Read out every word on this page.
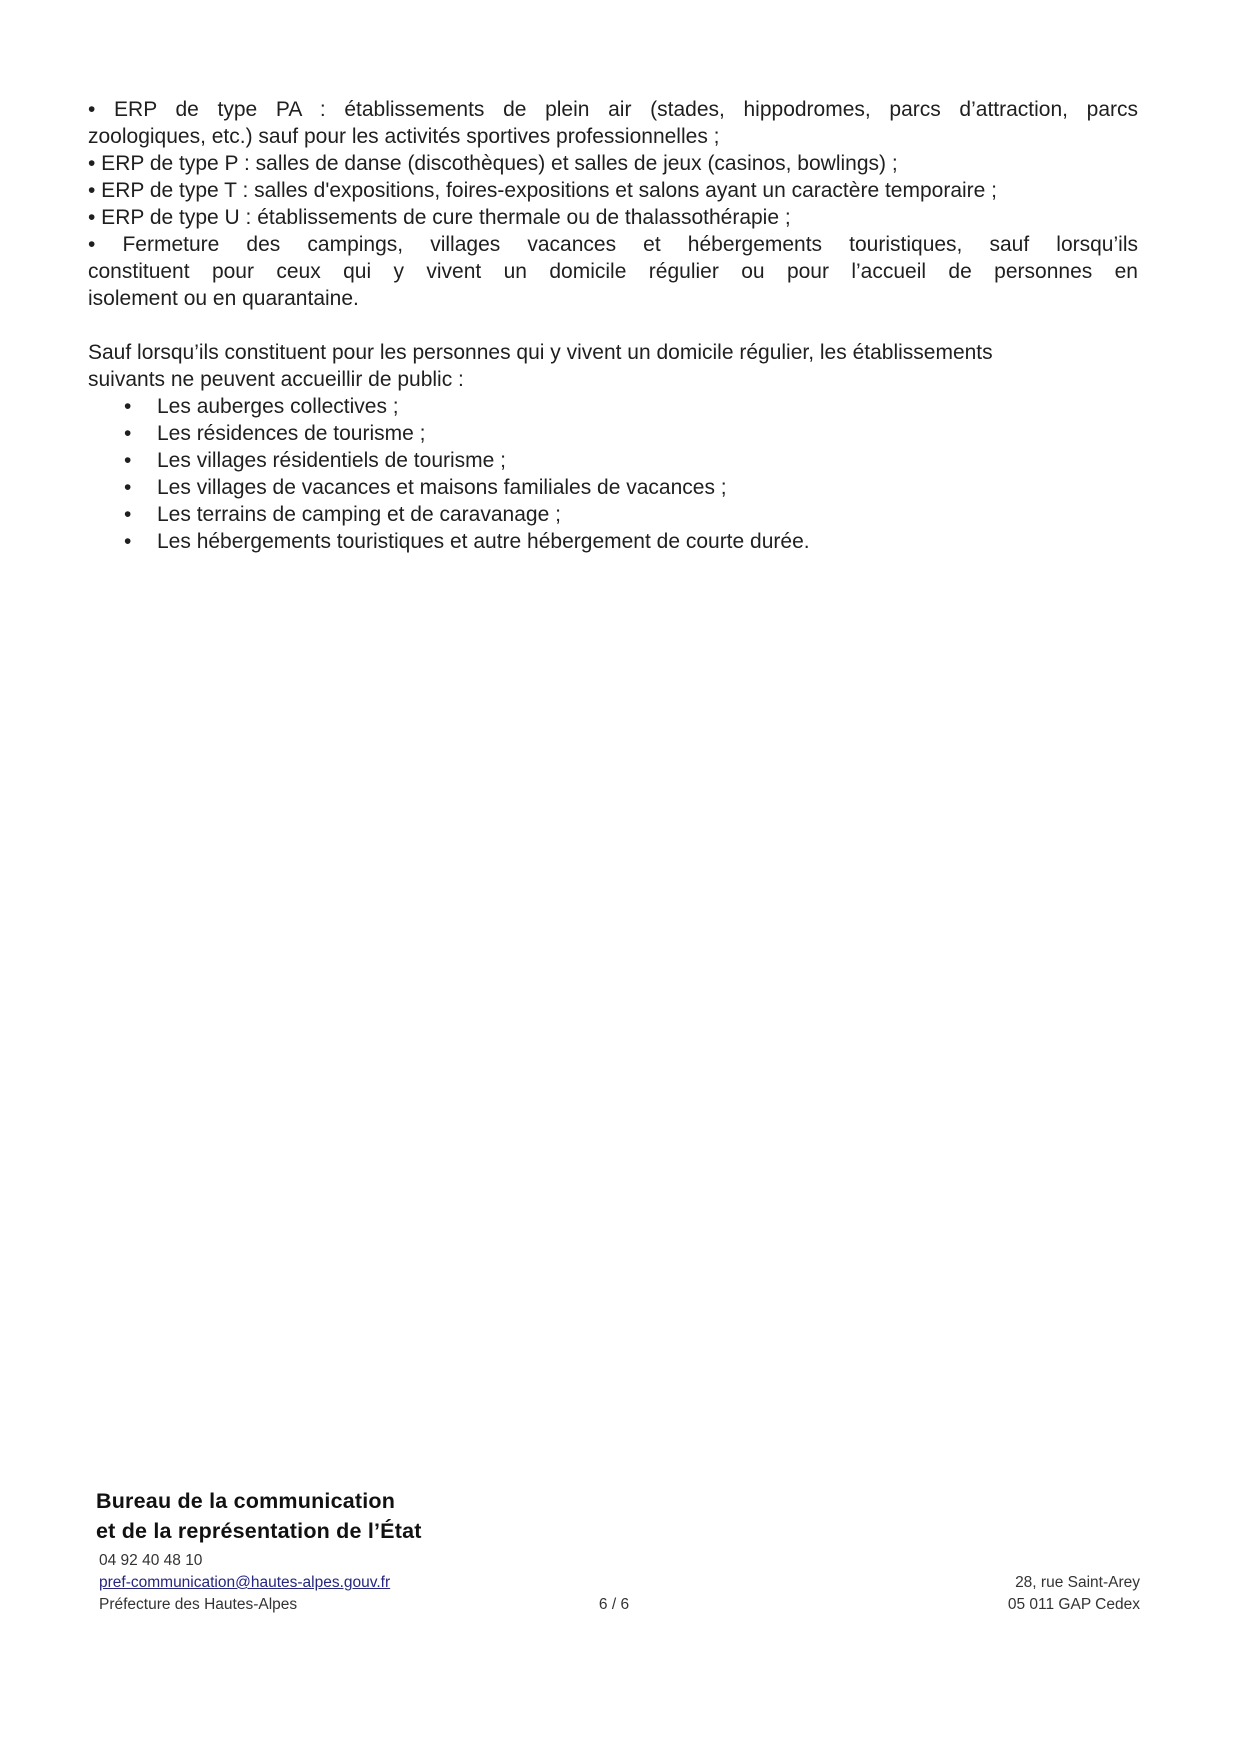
• ERP de type PA : établissements de plein air (stades, hippodromes, parcs d’attraction, parcs
zoologiques, etc.) sauf pour les activités sportives professionnelles ;
• ERP de type P : salles de danse (discothèques) et salles de jeux (casinos, bowlings) ;
• ERP de type T : salles d'expositions, foires-expositions et salons ayant un caractère temporaire ;
• ERP de type U : établissements de cure thermale ou de thalassothérapie ;
• Fermeture des campings, villages vacances et hébergements touristiques, sauf lorsqu’ils
constituent pour ceux qui y vivent un domicile régulier ou pour l’accueil de personnes en
isolement ou en quarantaine.
Sauf lorsqu’ils constituent pour les personnes qui y vivent un domicile régulier, les établissements
suivants ne peuvent accueillir de public :
•	Les auberges collectives ;
•	Les résidences de tourisme ;
•	Les villages résidentiels de tourisme ;
•	Les villages de vacances et maisons familiales de vacances ;
•	Les terrains de camping et de caravanage ;
•	Les hébergements touristiques et autre hébergement de courte durée.
Bureau de la communication
et de la représentation de l’État
04 92 40 48 10
pref-communication@hautes-alpes.gouv.fr
Préfecture des Hautes-Alpes	6 / 6
28, rue Saint-Arey
05 011 GAP Cedex
